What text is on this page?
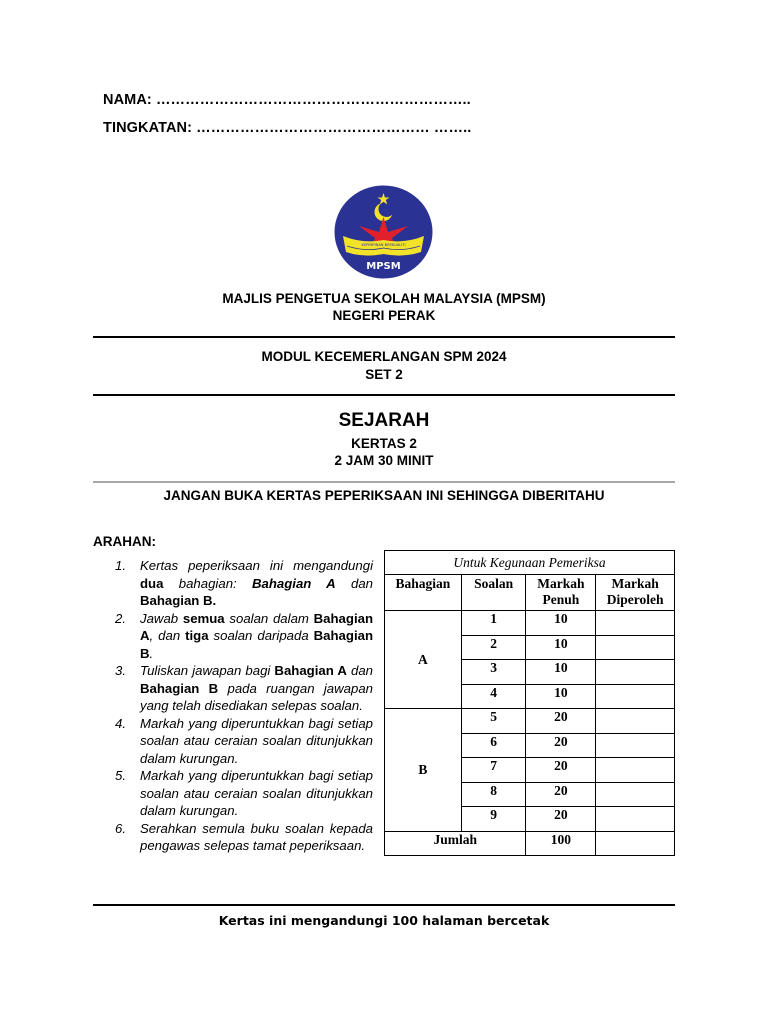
NAMA: ………………………………………………………..
TINGKATAN: ………………………………………… ……..
KEPIMPINAN BERKUALITI
MPSM
MAJLIS PENGETUA SEKOLAH MALAYSIA (MPSM)
NEGERI PERAK
MODUL KECEMERLANGAN SPM 2024
SET 2
SEJARAH
KERTAS 2
2 JAM 30 MINIT
JANGAN BUKA KERTAS PEPERIKSAAN INI SEHINGGA DIBERITAHU
ARAHAN:
1. Kertas peperiksaan ini mengandungi dua bahagian: Bahagian A dan Bahagian B.
2. Jawab semua soalan dalam Bahagian A, dan tiga soalan daripada Bahagian B.
3. Tuliskan jawapan bagi Bahagian A dan Bahagian B pada ruangan jawapan yang telah disediakan selepas soalan.
4. Markah yang diperuntukkan bagi setiap soalan atau ceraian soalan ditunjukkan dalam kurungan.
5. Markah yang diperuntukkan bagi setiap soalan atau ceraian soalan ditunjukkan dalam kurungan.
6. Serahkan semula buku soalan kepada pengawas selepas tamat peperiksaan.
Untuk Kegunaan Pemeriksa			
Bahagian	Soalan	Markah Penuh	Markah Diperoleh
A	1	10	
	2	10	
	3	10	
	4	10	
B	5	20	
	6	20	
	7	20	
	8	20	
	9	20	
Jumlah		100	
Kertas ini mengandungi 100 halaman bercetak
